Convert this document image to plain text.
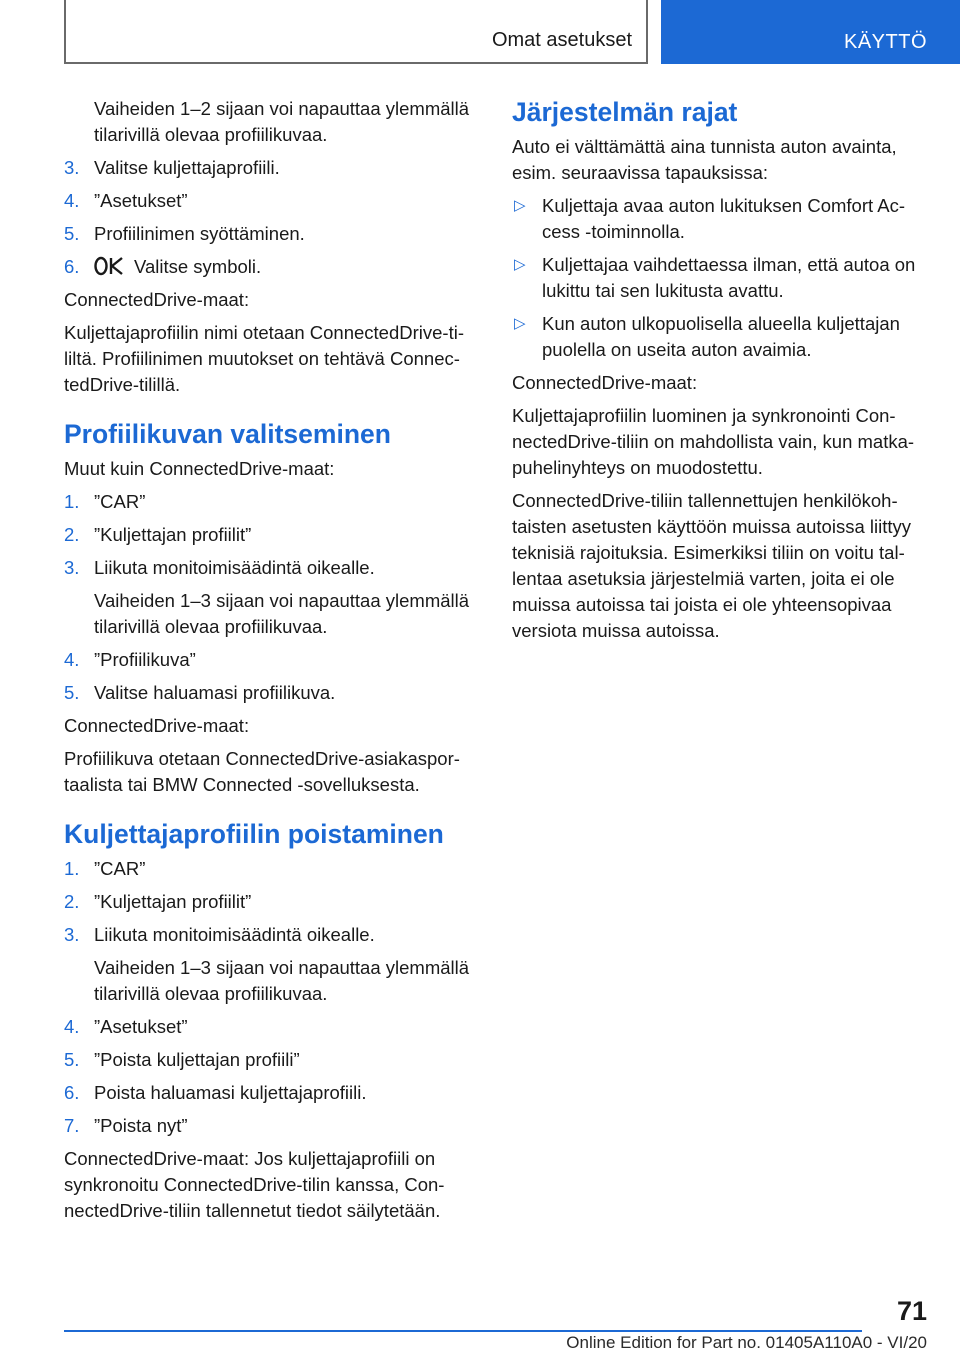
Omat asetukset	KÄYTTÖ

Vaiheiden 1–2 sijaan voi napauttaa ylemmällä tilarivillä olevaa profiilikuvaa.

3. Valitse kuljettajaprofiili.
4. ”Asetukset”
5. Profiilinimen syöttäminen.
6.	Valitse symboli.

ConnectedDrive-maat:

Kuljettajaprofiilin nimi otetaan ConnectedDrive-tililtä. Profiilinimen muutokset on tehtävä ConnectedDrive-tilillä.

Profiilikuvan valitseminen

Muut kuin ConnectedDrive-maat:

1. ”CAR”
2. ”Kuljettajan profiilit”
3. Liikuta monitoimisäädintä oikealle.

Vaiheiden 1–3 sijaan voi napauttaa ylemmällä tilarivillä olevaa profiilikuvaa.

4. ”Profiilikuva”
5. Valitse haluamasi profiilikuva.

ConnectedDrive-maat:

Profiilikuva otetaan ConnectedDrive-asiakasportaalista tai BMW Connected -sovelluksesta.

Kuljettajaprofiilin poistaminen
1. ”CAR”
2. ”Kuljettajan profiilit”
3. Liikuta monitoimisäädintä oikealle.

Vaiheiden 1–3 sijaan voi napauttaa ylemmällä tilarivillä olevaa profiilikuvaa.

4. ”Asetukset”
5. ”Poista kuljettajan profiili”
6. Poista haluamasi kuljettajaprofiili.
7. ”Poista nyt”

ConnectedDrive-maat: Jos kuljettajaprofiili on synkronoitu ConnectedDrive-tilin kanssa, ConnectedDrive-tiliin tallennetut tiedot säilytetään.

Järjestelmän rajat

Auto ei välttämättä aina tunnista auton avainta, esim. seuraavissa tapauksissa:

▷ Kuljettaja avaa auton lukituksen Comfort Access -toiminnolla.
▷ Kuljettajaa vaihdettaessa ilman, että autoa on lukittu tai sen lukitusta avattu.
▷ Kun auton ulkopuolisella alueella kuljettajan puolella on useita auton avaimia.

ConnectedDrive-maat:

Kuljettajaprofiilin luominen ja synkronointi ConnectedDrive-tiliin on mahdollista vain, kun matkapuhelinyhteys on muodostettu.

ConnectedDrive-tiliin tallennettujen henkilökohtaisten asetusten käyttöön muissa autoissa liittyy teknisiä rajoituksia. Esimerkiksi tiliin on voitu tallentaa asetuksia järjestelmiä varten, joita ei ole muissa autoissa tai joista ei ole yhteensopivaa versiota muissa autoissa.

71
Online Edition for Part no. 01405A110A0 - VI/20
